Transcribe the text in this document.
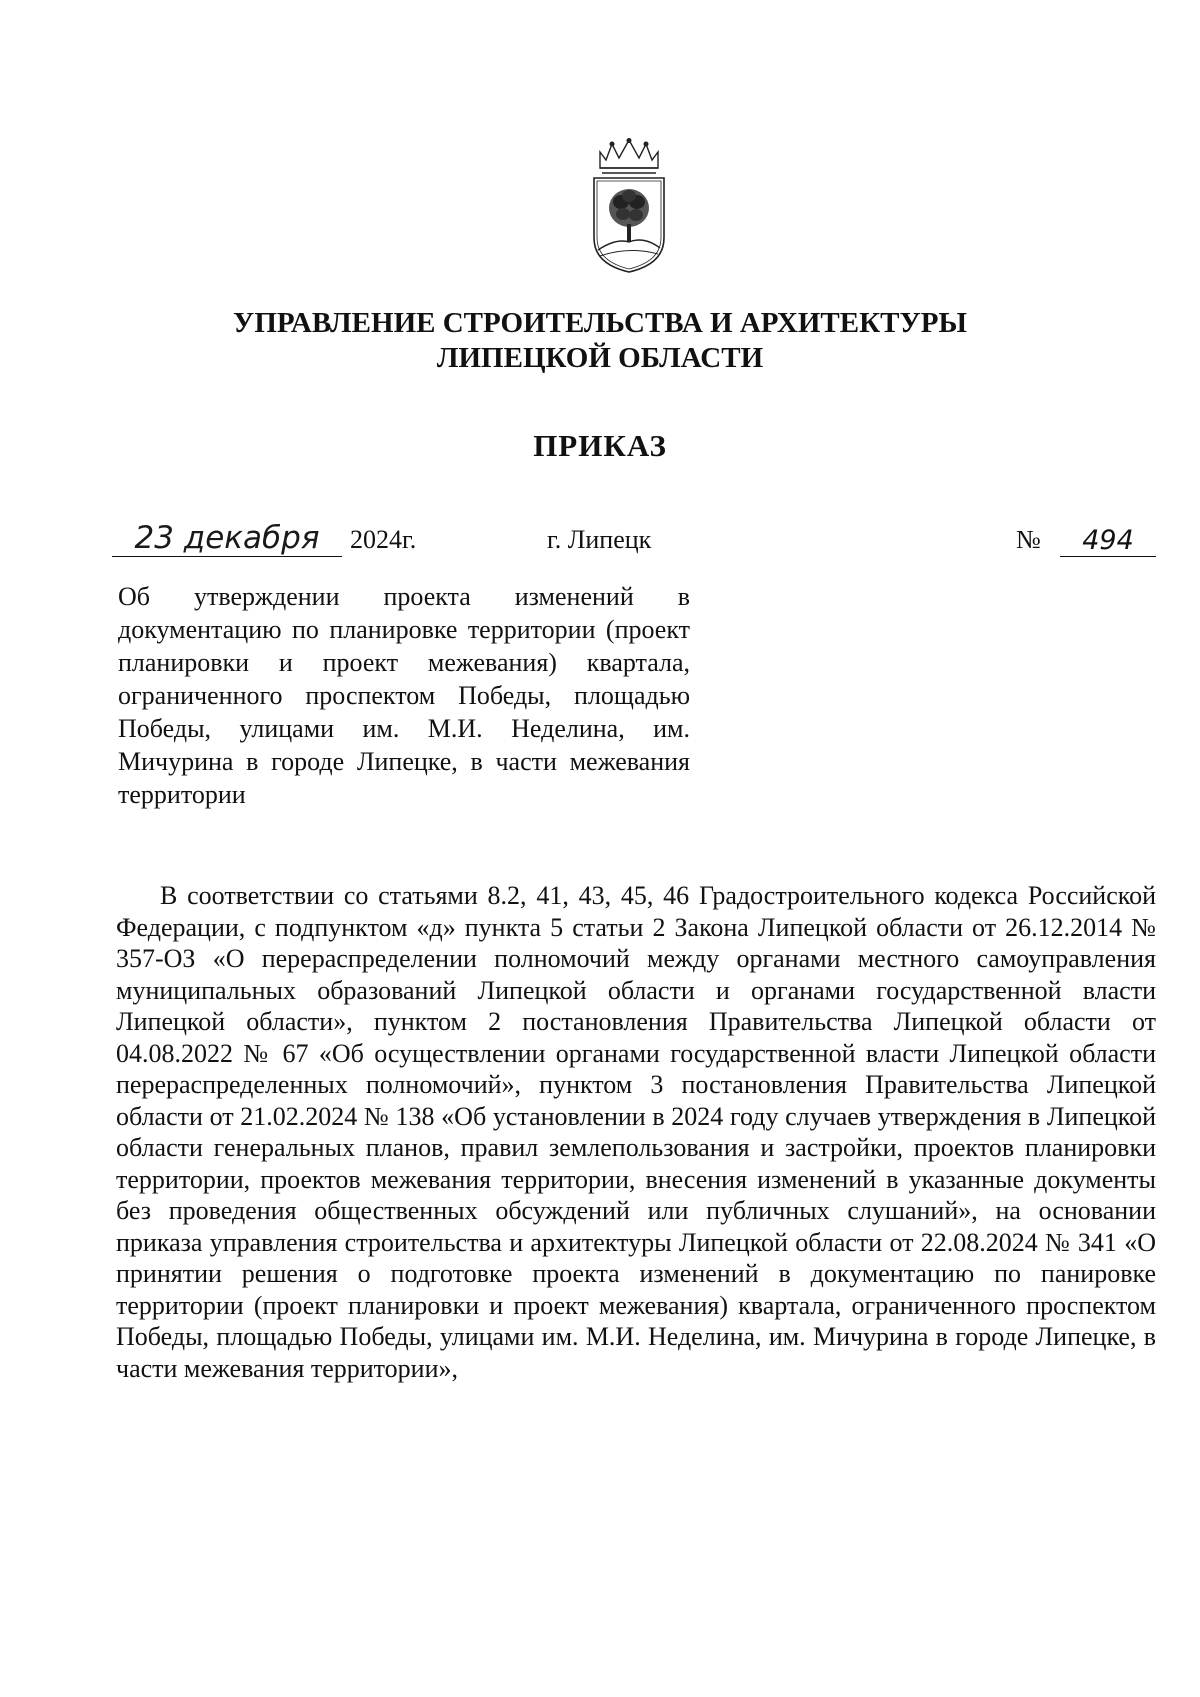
УПРАВЛЕНИЕ СТРОИТЕЛЬСТВА И АРХИТЕКТУРЫ
ЛИПЕЦКОЙ ОБЛАСТИ
ПРИКАЗ
23 декабря	2024г.	г. Липецк	№	494

Об утверждении проекта изменений в документацию по планировке территории (проект планировки и проект межевания) квартала, ограниченного проспектом Победы, площадью Победы, улицами им. М.И. Неделина, им. Мичурина в городе Липецке, в части межевания территории

В соответствии со статьями 8.2, 41, 43, 45, 46 Градостроительного кодекса Российской Федерации, с подпунктом «д» пункта 5 статьи 2 Закона Липецкой области от 26.12.2014 № 357-ОЗ «О перераспределении полномочий между органами местного самоуправления муниципальных образований Липецкой области и органами государственной власти Липецкой области», пунктом 2 постановления Правительства Липецкой области от 04.08.2022 № 67 «Об осуществлении органами государственной власти Липецкой области перераспределенных полномочий», пунктом 3 постановления Правительства Липецкой области от 21.02.2024 № 138 «Об установлении в 2024 году случаев утверждения в Липецкой области генеральных планов, правил землепользования и застройки, проектов планировки территории, проектов межевания территории, внесения изменений в указанные документы без проведения общественных обсуждений или публичных слушаний», на основании приказа управления строительства и архитектуры Липецкой области от 22.08.2024 № 341 «О принятии решения о подготовке проекта изменений в документацию по панировке территории (проект планировки и проект межевания) квартала, ограниченного проспектом Победы, площадью Победы, улицами им. М.И. Неделина, им. Мичурина в городе Липецке, в части межевания территории»,
